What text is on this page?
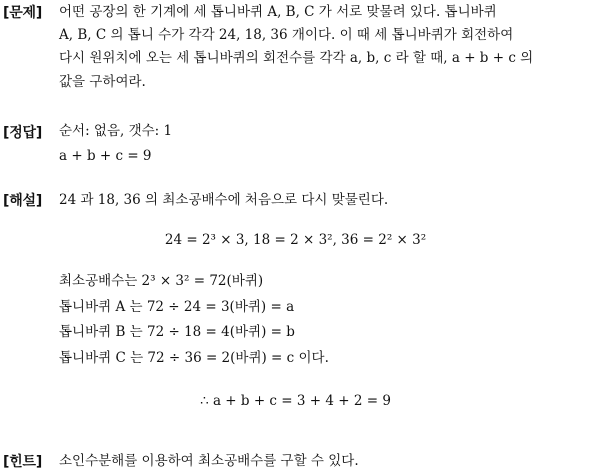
[문제] 어떤 공장의 한 기계에 세 톱니바퀴 A, B, C 가 서로 맞물려 있다. 톱니바퀴
A, B, C 의 톱니 수가 각각 24, 18, 36 개이다. 이 때 세 톱니바퀴가 회전하여
다시 원위치에 오는 세 톱니바퀴의 회전수를 각각 a, b, c 라 할 때, a + b + c 의
값을 구하여라.
[정답] 순서: 없음, 갯수: 1
a + b + c = 9
[해설] 24 과 18, 36 의 최소공배수에 처음으로 다시 맞물린다.
24 = 2³ × 3, 18 = 2 × 3², 36 = 2² × 3²
최소공배수는 2³ × 3² = 72(바퀴)
톱니바퀴 A 는 72 ÷ 24 = 3(바퀴) = a
톱니바퀴 B 는 72 ÷ 18 = 4(바퀴) = b
톱니바퀴 C 는 72 ÷ 36 = 2(바퀴) = c 이다.
∴ a + b + c = 3 + 4 + 2 = 9
[힌트] 소인수분해를 이용하여 최소공배수를 구할 수 있다.
